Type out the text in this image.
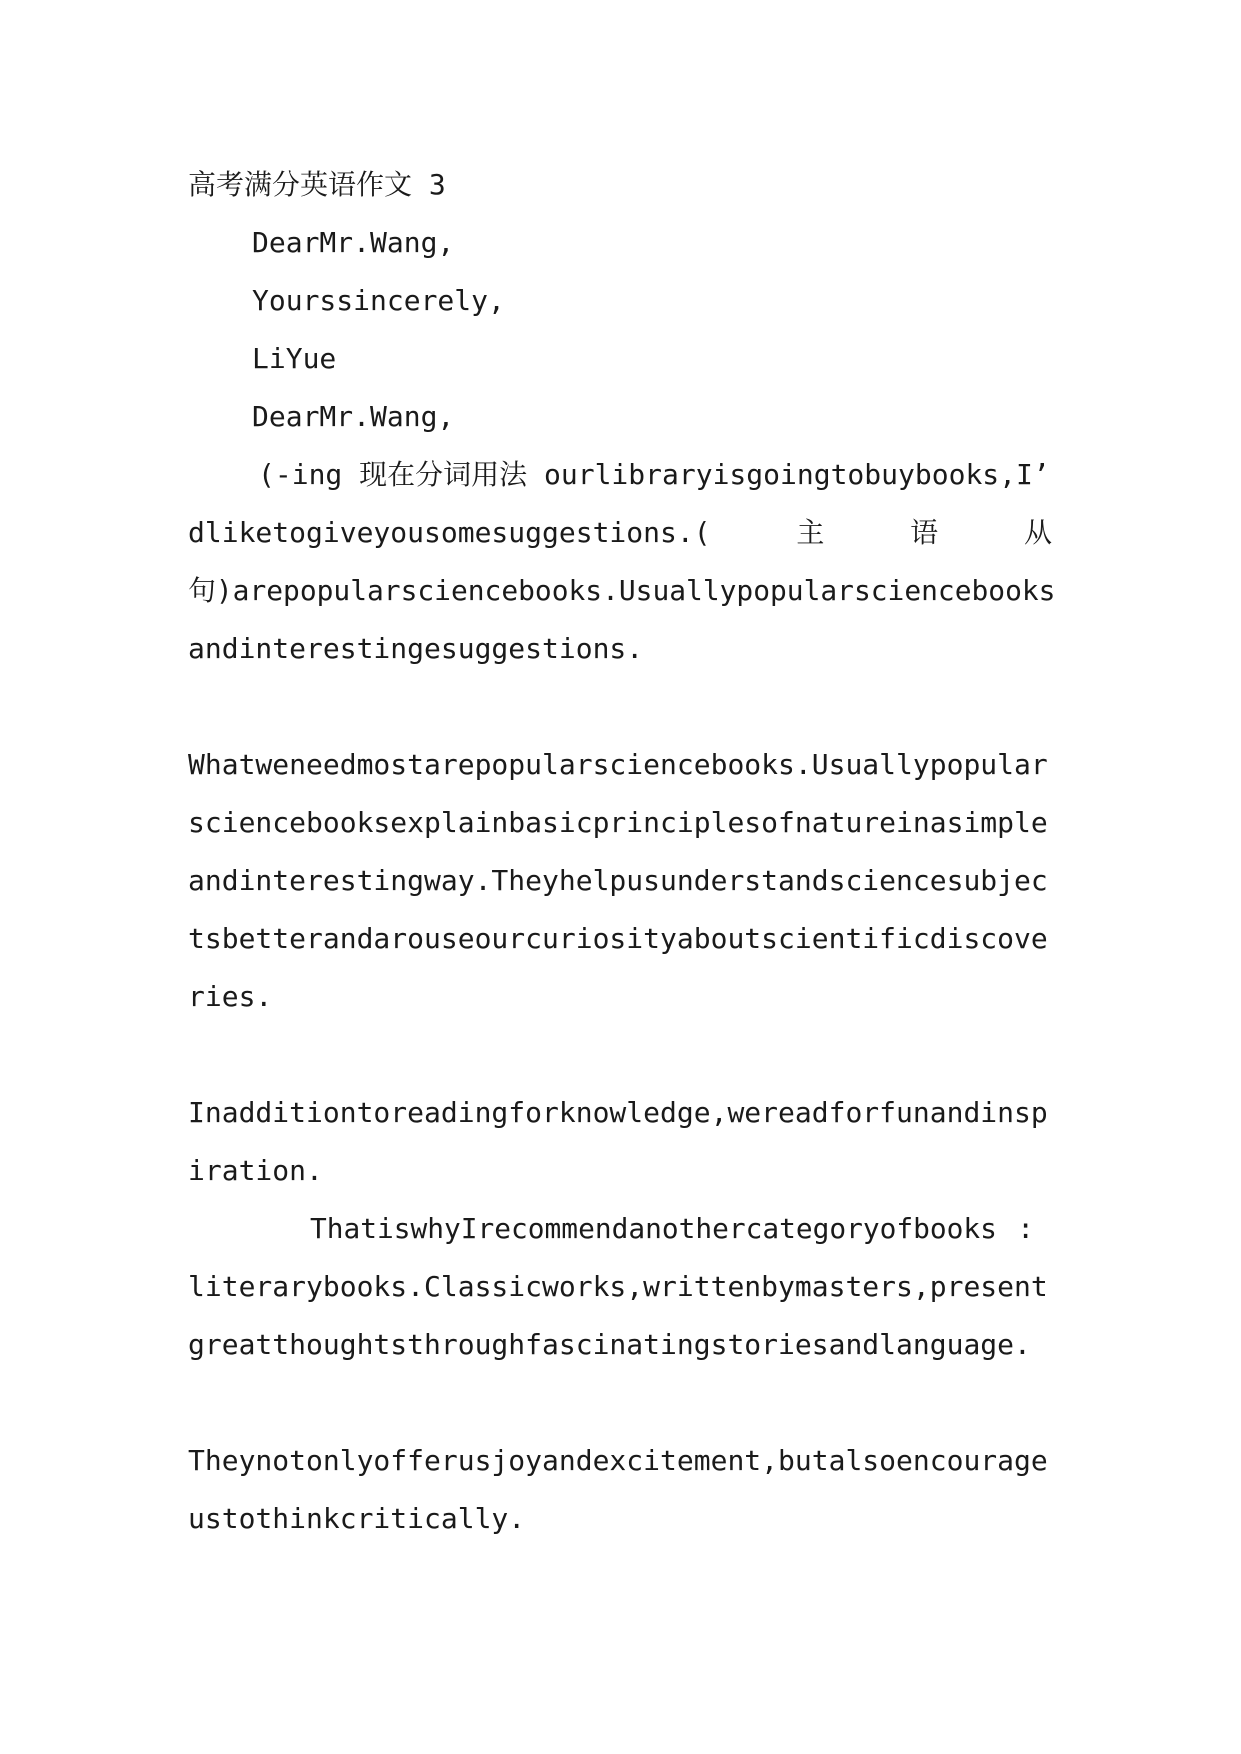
高考满分英语作文 3
DearMr.Wang,
Yourssincerely,
LiYue
DearMr.Wang,
(-ing 现在分词用法 ourlibraryisgoingtobuybooks,I’
dliketogiveyousomesuggestions.(	主	语	从
句)arepopularsciencebooks.Usuallypopularsciencebooks
andinterestingesuggestions.
Whatweneedmostarepopularsciencebooks.Usuallypopular
sciencebooksexplainbasicprinciplesofnatureinasimple
andinterestingway.Theyhelpusunderstandsciencesubjec
tsbetterandarouseourcuriosityaboutscientificdiscove
ries.
Inadditiontoreadingforknowledge,wereadforfunandinsp
iration.
ThatiswhyIrecommendanothercategoryofbooks :
literarybooks.Classicworks,writtenbymasters,present
greatthoughtsthroughfascinatingstoriesandlanguage.
Theynotonlyofferusjoyandexcitement,butalsoencourage
ustothinkcritically.
